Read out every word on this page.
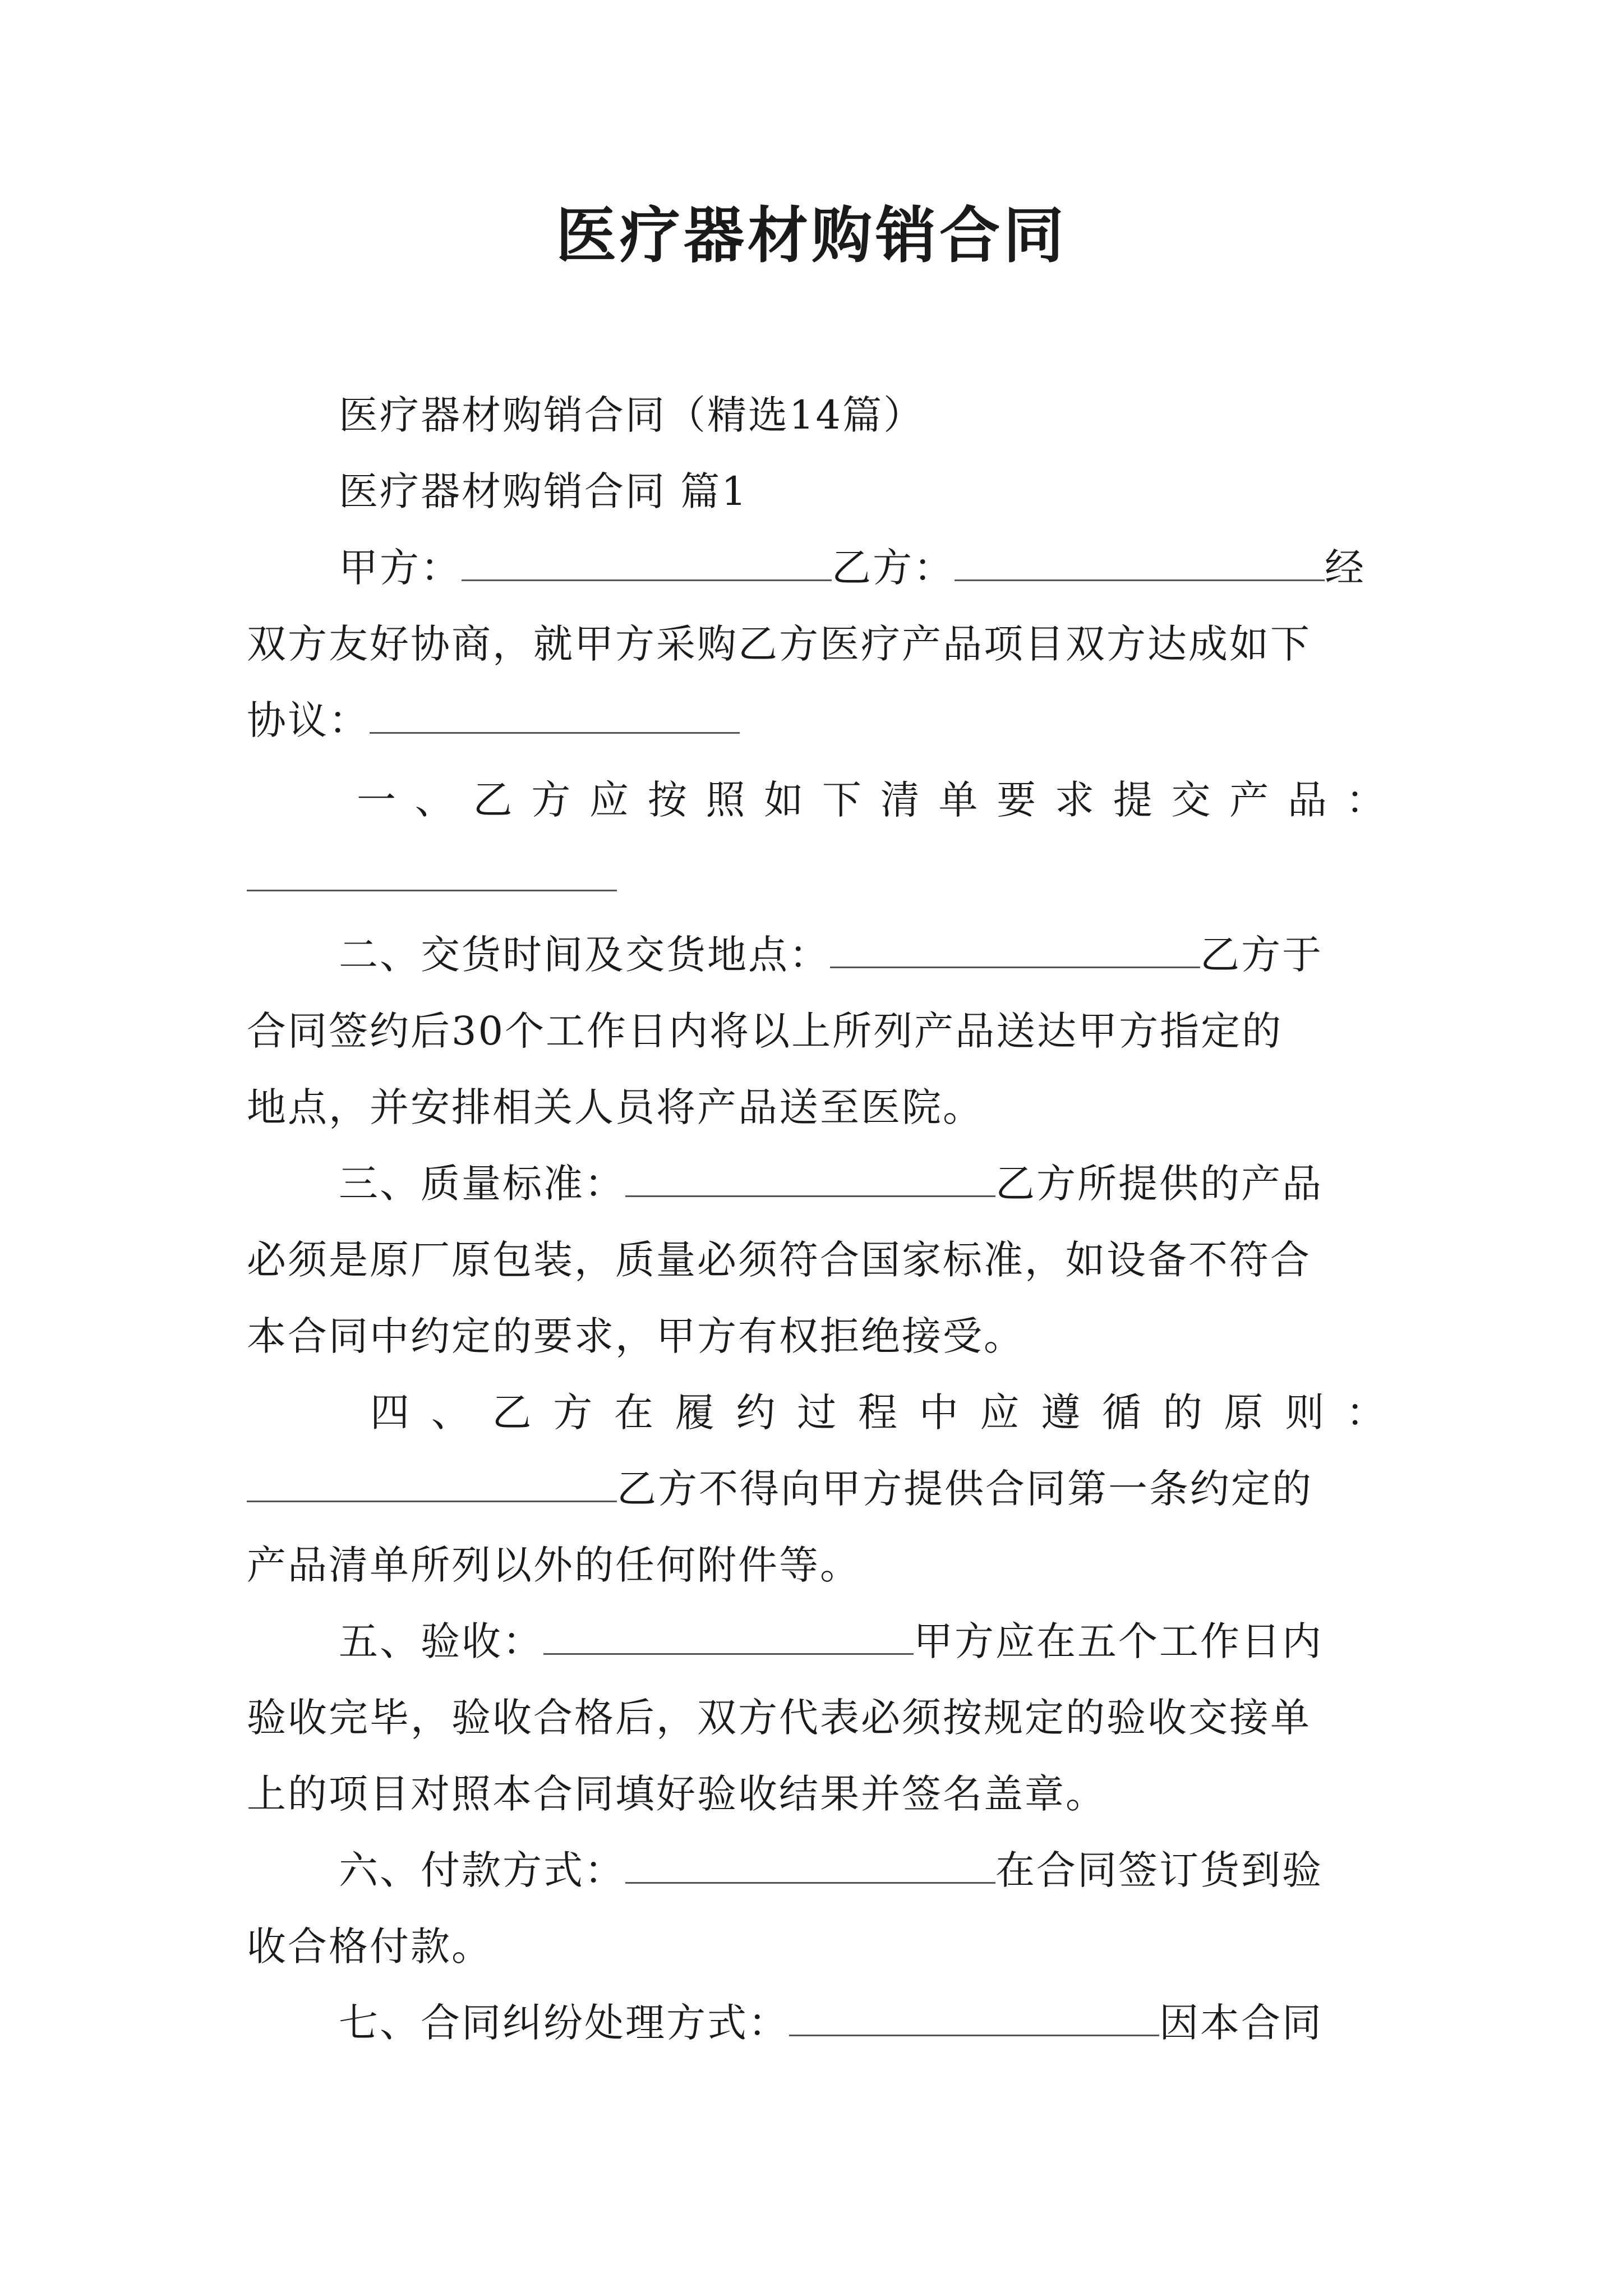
医疗器材购销合同
医疗器材购销合同（精选14篇）
医疗器材购销合同 篇1
甲方：	乙方：	经
双方友好协商，就甲方采购乙方医疗产品项目双方达成如下
协议：
一 、 乙 方 应 按 照 如 下 清 单 要 求 提 交 产 品 ：
二、交货时间及交货地点：	乙方于
合同签约后30个工作日内将以上所列产品送达甲方指定的
地点，并安排相关人员将产品送至医院。
三、质量标准：	乙方所提供的产品
必须是原厂原包装，质量必须符合国家标准，如设备不符合
本合同中约定的要求，甲方有权拒绝接受。
四 、 乙 方 在 履 约 过 程 中 应 遵 循 的 原 则 ：
乙方不得向甲方提供合同第一条约定的
产品清单所列以外的任何附件等。
五、验收：	甲方应在五个工作日内
验收完毕，验收合格后，双方代表必须按规定的验收交接单
上的项目对照本合同填好验收结果并签名盖章。
六、付款方式：	在合同签订货到验
收合格付款。
七、合同纠纷处理方式：	因本合同
